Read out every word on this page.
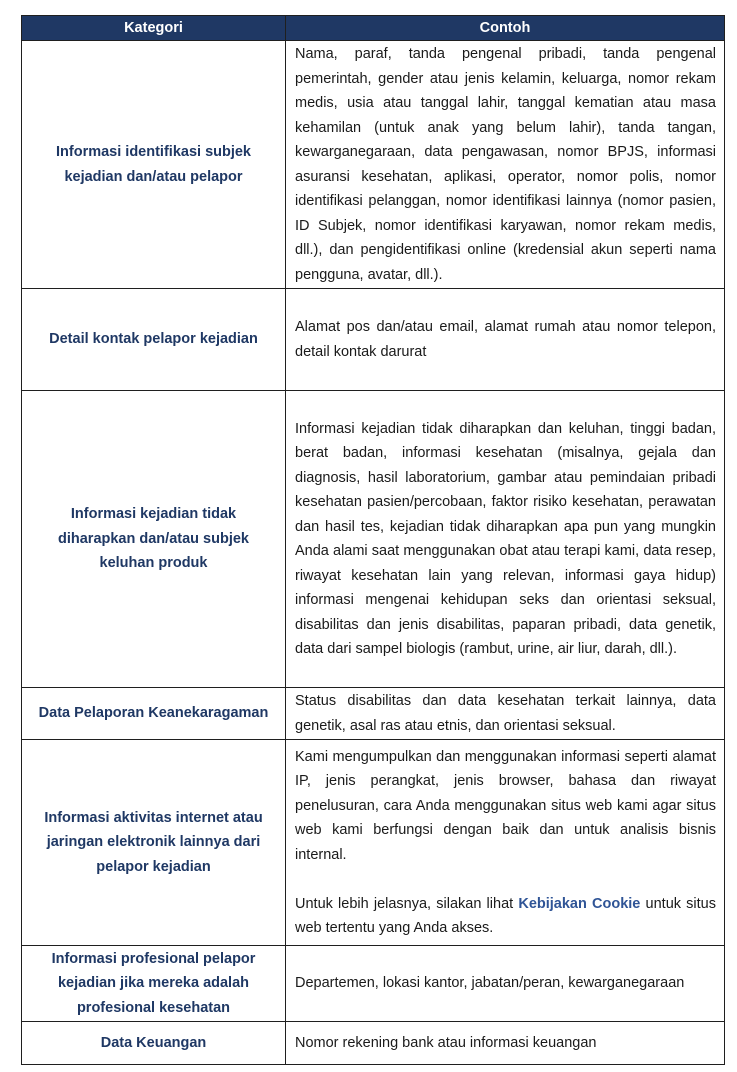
Kategori	Contoh
Informasi identifikasi subjek kejadian dan/atau pelapor	Nama, paraf, tanda pengenal pribadi, tanda pengenal pemerintah, gender atau jenis kelamin, keluarga, nomor rekam medis, usia atau tanggal lahir, tanggal kematian atau masa kehamilan (untuk anak yang belum lahir), tanda tangan, kewarganegaraan, data pengawasan, nomor BPJS, informasi asuransi kesehatan, aplikasi, operator, nomor polis, nomor identifikasi pelanggan, nomor identifikasi lainnya (nomor pasien, ID Subjek, nomor identifikasi karyawan, nomor rekam medis, dll.), dan pengidentifikasi online (kredensial akun seperti nama pengguna, avatar, dll.).
Detail kontak pelapor kejadian	Alamat pos dan/atau email, alamat rumah atau nomor telepon, detail kontak darurat
Informasi kejadian tidak diharapkan dan/atau subjek keluhan produk	Informasi kejadian tidak diharapkan dan keluhan, tinggi badan, berat badan, informasi kesehatan (misalnya, gejala dan diagnosis, hasil laboratorium, gambar atau pemindaian pribadi kesehatan pasien/percobaan, faktor risiko kesehatan, perawatan dan hasil tes, kejadian tidak diharapkan apa pun yang mungkin Anda alami saat menggunakan obat atau terapi kami, data resep, riwayat kesehatan lain yang relevan, informasi gaya hidup) informasi mengenai kehidupan seks dan orientasi seksual, disabilitas dan jenis disabilitas, paparan pribadi, data genetik, data dari sampel biologis (rambut, urine, air liur, darah, dll.).
Data Pelaporan Keanekaragaman	Status disabilitas dan data kesehatan terkait lainnya, data genetik, asal ras atau etnis, dan orientasi seksual.
Informasi aktivitas internet atau jaringan elektronik lainnya dari pelapor kejadian	Kami mengumpulkan dan menggunakan informasi seperti alamat IP, jenis perangkat, jenis browser, bahasa dan riwayat penelusuran, cara Anda menggunakan situs web kami agar situs web kami berfungsi dengan baik dan untuk analisis bisnis internal.

Untuk lebih jelasnya, silakan lihat Kebijakan Cookie untuk situs web tertentu yang Anda akses.

Informasi profesional pelapor kejadian jika mereka adalah profesional kesehatan	Departemen, lokasi kantor, jabatan/peran, kewarganegaraan
Data Keuangan	Nomor rekening bank atau informasi keuangan
